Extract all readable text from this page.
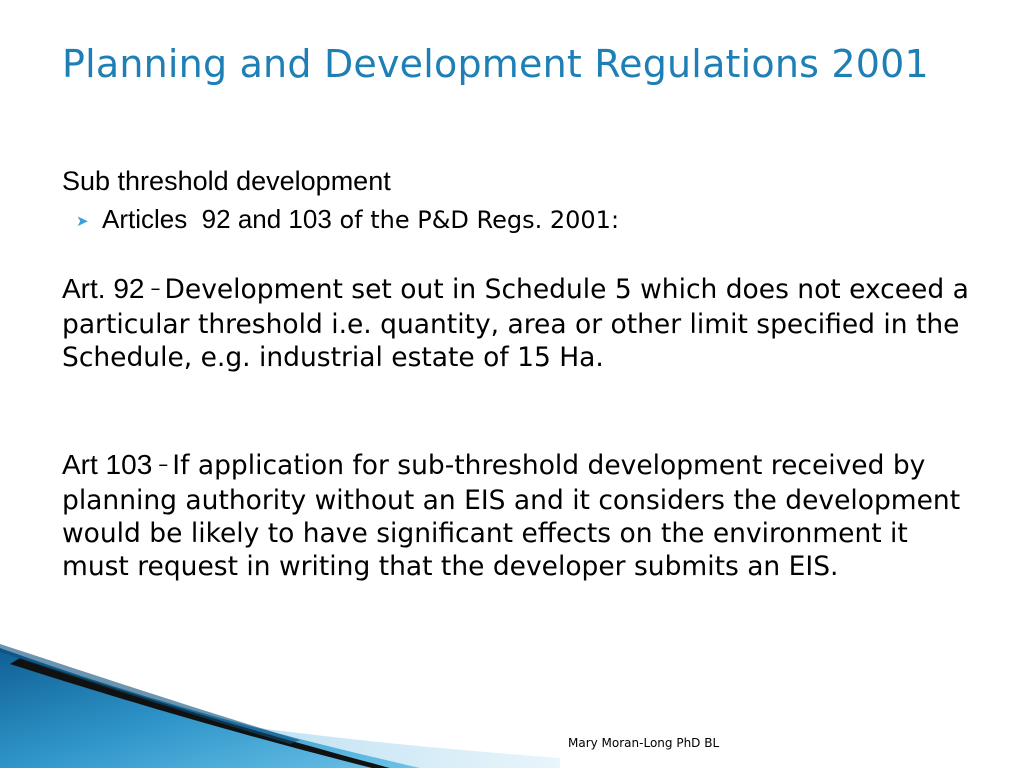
Planning and Development Regulations 2001

Sub threshold development

➤ Articles  92 and 103 of the P&D Regs. 2001:

Art. 92 – Development set out in Schedule 5 which does not exceed a particular threshold i.e. quantity, area or other limit specified in the Schedule, e.g. industrial estate of 15 Ha.

Art 103 – If application for sub-threshold development received by planning authority without an EIS and it considers the development would be likely to have significant effects on the environment it must request in writing that the developer submits an EIS.

Mary Moran-Long PhD BL
